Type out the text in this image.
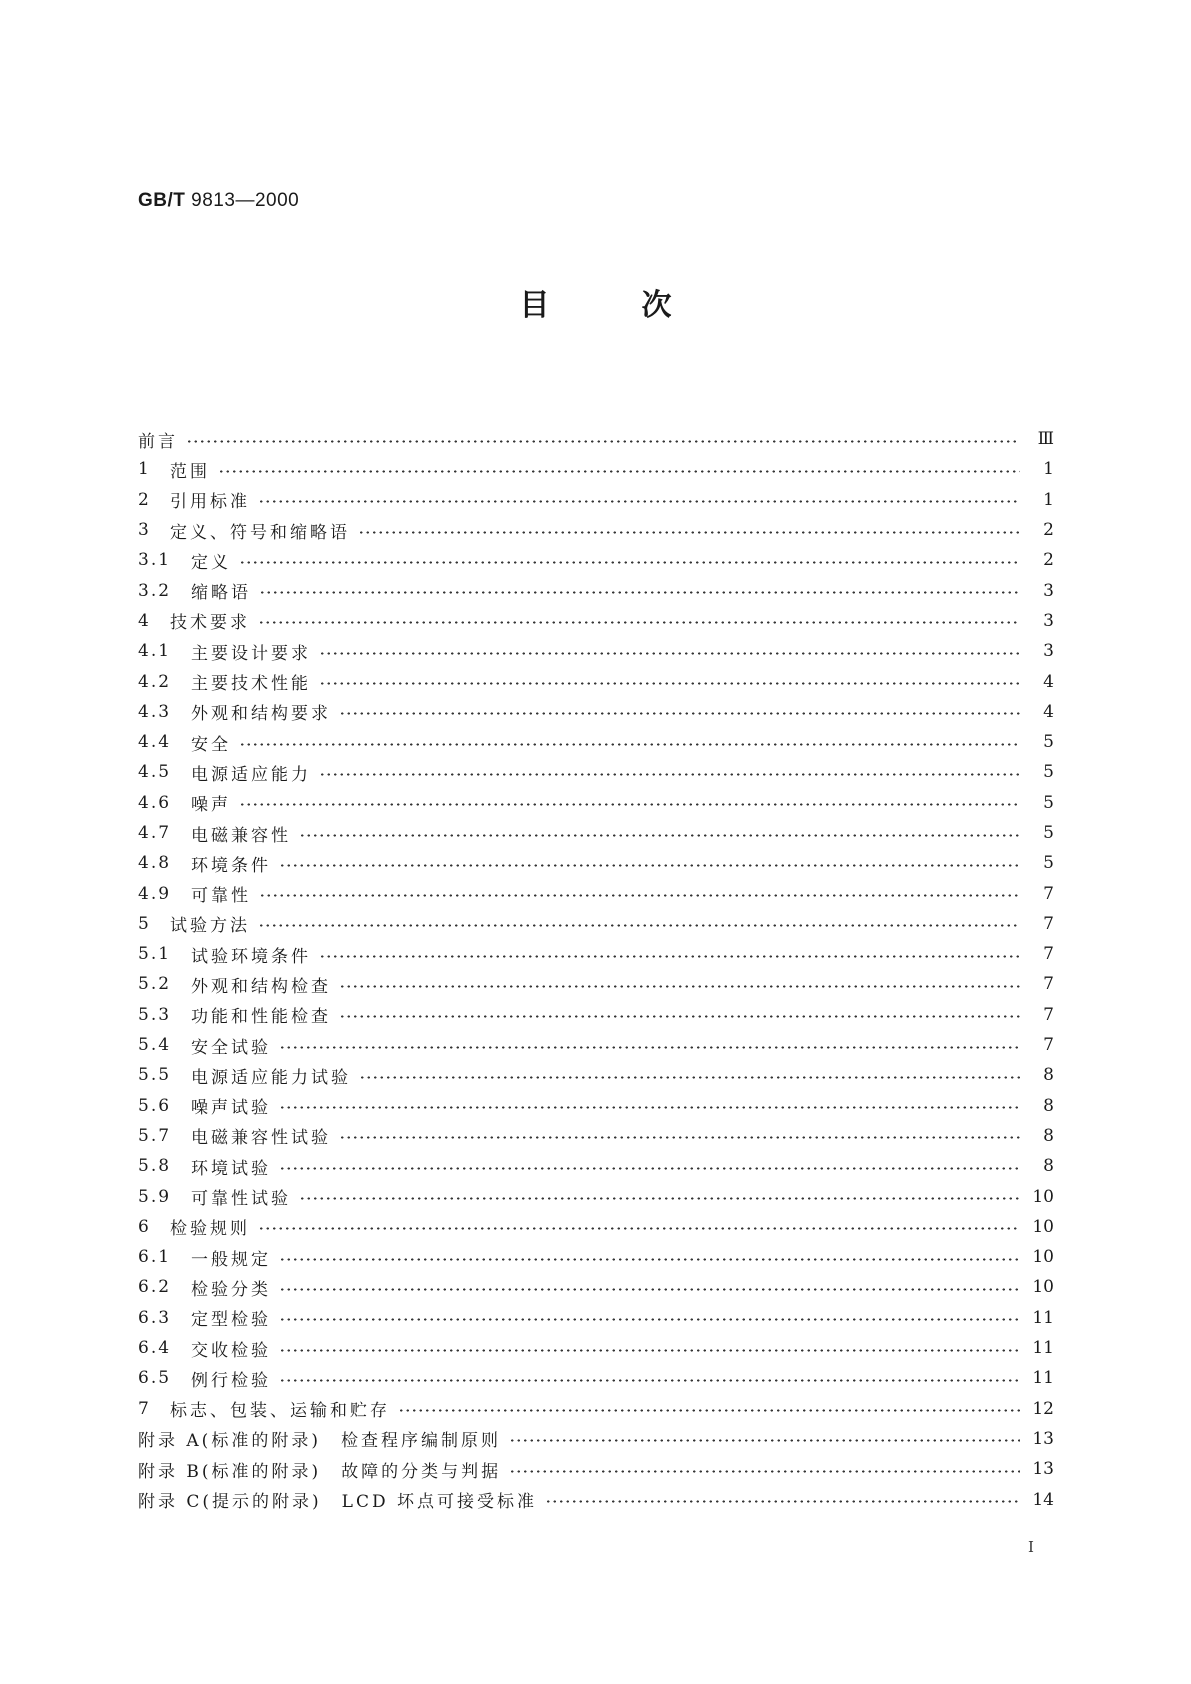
GB/T 9813—2000
目	次
前言	Ⅲ
1	范围	1
2	引用标准	1
3	定义、符号和缩略语	2
3.1	定义	2
3.2	缩略语	3
4	技术要求	3
4.1	主要设计要求	3
4.2	主要技术性能	4
4.3	外观和结构要求	4
4.4	安全	5
4.5	电源适应能力	5
4.6	噪声	5
4.7	电磁兼容性	5
4.8	环境条件	5
4.9	可靠性	7
5	试验方法	7
5.1	试验环境条件	7
5.2	外观和结构检查	7
5.3	功能和性能检查	7
5.4	安全试验	7
5.5	电源适应能力试验	8
5.6	噪声试验	8
5.7	电磁兼容性试验	8
5.8	环境试验	8
5.9	可靠性试验	10
6	检验规则	10
6.1	一般规定	10
6.2	检验分类	10
6.3	定型检验	11
6.4	交收检验	11
6.5	例行检验	11
7	标志、包装、运输和贮存	12
附录 A(标准的附录)　检查程序编制原则	13
附录 B(标准的附录)　故障的分类与判据	13
附录 C(提示的附录)　LCD 坏点可接受标准	14
I
